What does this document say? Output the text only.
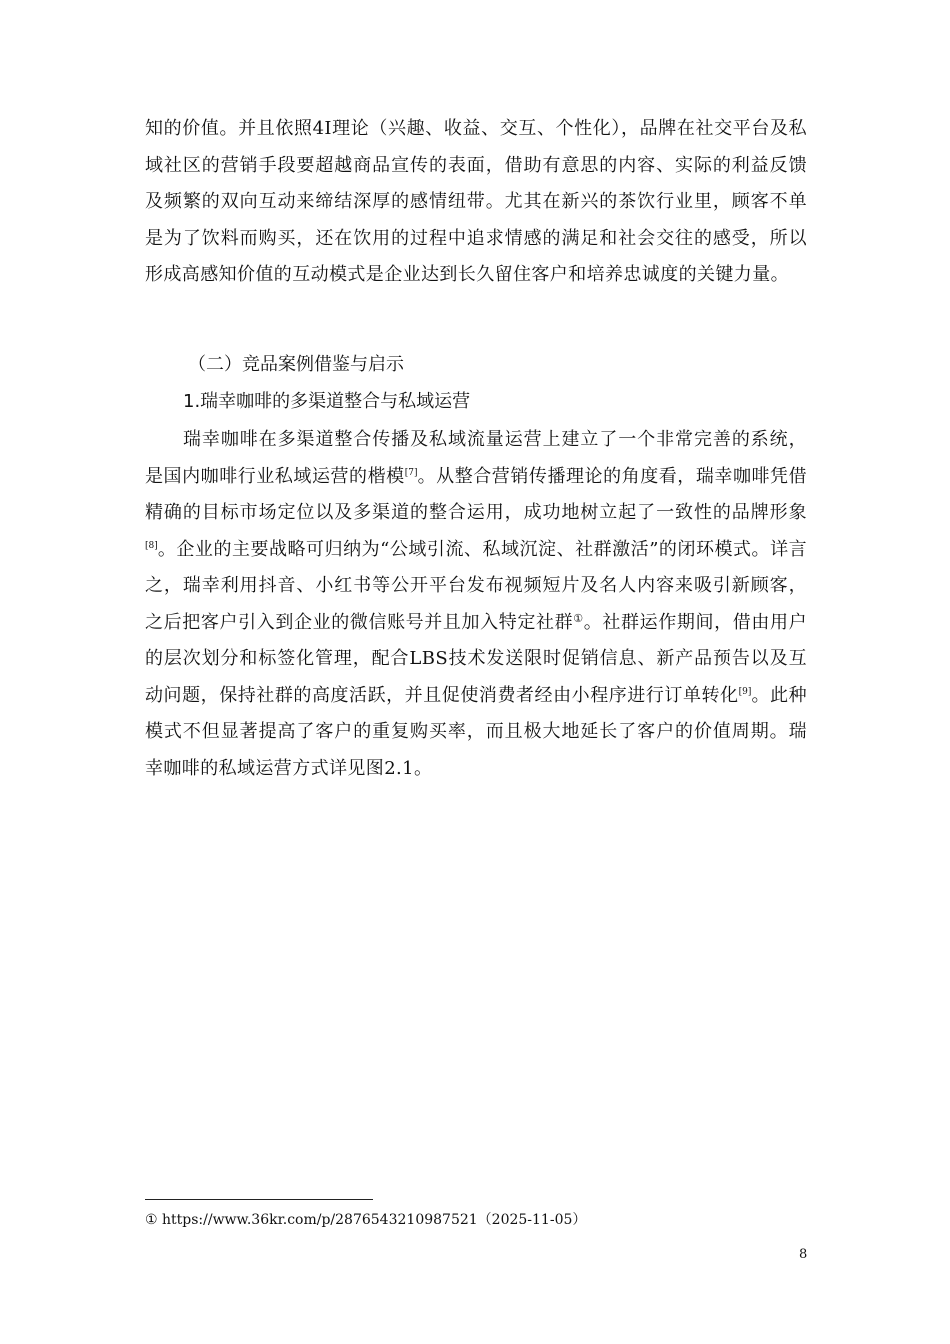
知的价值。并且依照4I理论（兴趣、收益、交互、个性化），品牌在社交平台及私域社区的营销手段要超越商品宣传的表面，借助有意思的内容、实际的利益反馈及频繁的双向互动来缔结深厚的感情纽带。尤其在新兴的茶饮行业里，顾客不单是为了饮料而购买，还在饮用的过程中追求情感的满足和社会交往的感受，所以形成高感知价值的互动模式是企业达到长久留住客户和培养忠诚度的关键力量。

（二）竞品案例借鉴与启示
1.瑞幸咖啡的多渠道整合与私域运营

瑞幸咖啡在多渠道整合传播及私域流量运营上建立了一个非常完善的系统，是国内咖啡行业私域运营的楷模[7]。从整合营销传播理论的角度看，瑞幸咖啡凭借精确的目标市场定位以及多渠道的整合运用，成功地树立起了一致性的品牌形象[8]。企业的主要战略可归纳为“公域引流、私域沉淀、社群激活”的闭环模式。详言之，瑞幸利用抖音、小红书等公开平台发布视频短片及名人内容来吸引新顾客，之后把客户引入到企业的微信账号并且加入特定社群①。社群运作期间，借由用户的层次划分和标签化管理，配合LBS技术发送限时促销信息、新产品预告以及互动问题，保持社群的高度活跃，并且促使消费者经由小程序进行订单转化[9]。此种模式不但显著提高了客户的重复购买率，而且极大地延长了客户的价值周期。瑞幸咖啡的私域运营方式详见图2.1。

① https://www.36kr.com/p/2876543210987521（2025-11-05）
8
